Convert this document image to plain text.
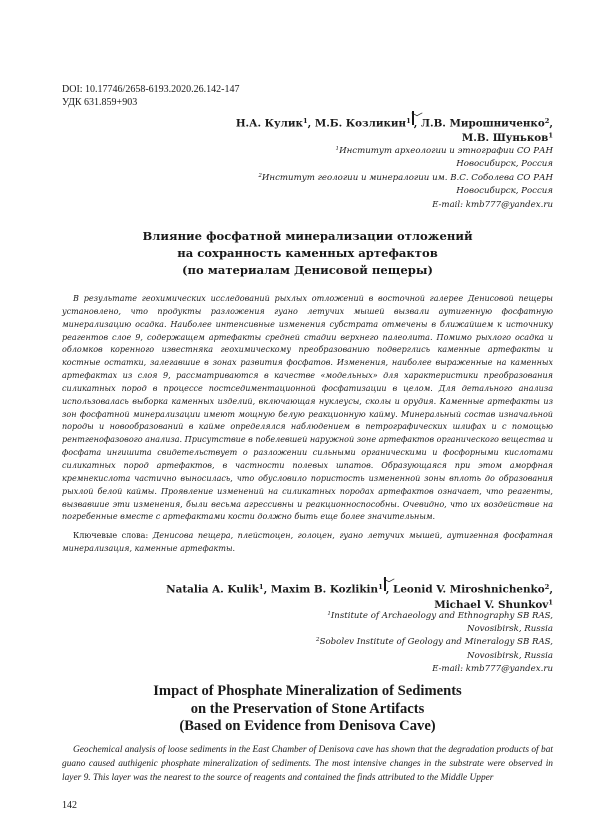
DOI: 10.17746/2658-6193.2020.26.142-147
УДК 631.859+903
Н.А. Кулик$^1$, М.Б. Козликин$^1$ , Л.В. Мирошниченко$^2$,
М.В. Шуньков$^1$
$^1$Институт археологии и этнографии СО РАН
Новосибирск, Россия
$^2$Институт геологии и минералогии им. В.С. Соболева СО РАН
Новосибирск, Россия
E-mail: kmb777@yandex.ru
Влияние фосфатной минерализации отложений
на сохранность каменных артефактов
(по материалам Денисовой пещеры)

В результате геохимических исследований рыхлых отложений в восточной галерее Денисовой пещеры установлено, что продукты разложения гуано летучих мышей вызвали аутигенную фосфатную минерализацию осадка. Наиболее интенсивные изменения субстрата отмечены в ближайшем к источнику реагентов слое 9, содержащем артефакты средней стадии верхнего палеолита. Помимо рыхлого осадка и обломков коренного известняка геохимическому преобразованию подверглись каменные артефакты и костные остатки, залегавшие в зонах развития фосфатов. Изменения, наиболее выраженные на каменных артефактах из слоя 9, рассматриваются в качестве «модельных» для характеристики преобразования силикатных пород в процессе постседиментационной фосфатизации в целом. Для детального анализа использовалась выборка каменных изделий, включающая нуклеусы, сколы и орудия. Каменные артефакты из зон фосфатной минерализации имеют мощную белую реакционную кайму. Минеральный состав изначальной породы и новообразований в кайме определялся наблюдением в петрографических шлифах и с помощью рентгенофазового анализа. Присутствие в побелевшей наружной зоне артефактов органического вещества и фосфата ингишита свидетельствует о разложении сильными органическими и фосфорными кислотами силикатных пород артефактов, в частности полевых шпатов. Образующаяся при этом аморфная кремнекислота частично выносилась, что обусловило пористость измененной зоны вплоть до образования рыхлой белой каймы. Проявление изменений на силикатных породах артефактов означает, что реагенты, вызвавшие эти изменения, были весьма агрессивны и реакционноспособны. Очевидно, что их воздействие на погребенные вместе с артефактами кости должно быть еще более значительным.

Ключевые слова: Денисова пещера, плейстоцен, голоцен, гуано летучих мышей, аутигенная фосфатная минерализация, каменные артефакты.

Natalia A. Kulik$^1$, Maxim B. Kozlikin$^1$ , Leonid V. Miroshnichenko$^2$,
Michael V. Shunkov$^1$
$^1$Institute of Archaeology and Ethnography SB RAS,
Novosibirsk, Russia
$^2$Sobolev Institute of Geology and Mineralogy SB RAS,
Novosibirsk, Russia
E-mail: kmb777@yandex.ru
Impact of Phosphate Mineralization of Sediments
on the Preservation of Stone Artifacts
(Based on Evidence from Denisova Cave)

Geochemical analysis of loose sediments in the East Chamber of Denisova cave has shown that the degradation products of bat guano caused authigenic phosphate mineralization of sediments. The most intensive changes in the substrate were observed in layer 9. This layer was the nearest to the source of reagents and contained the finds attributed to the Middle Upper

142
